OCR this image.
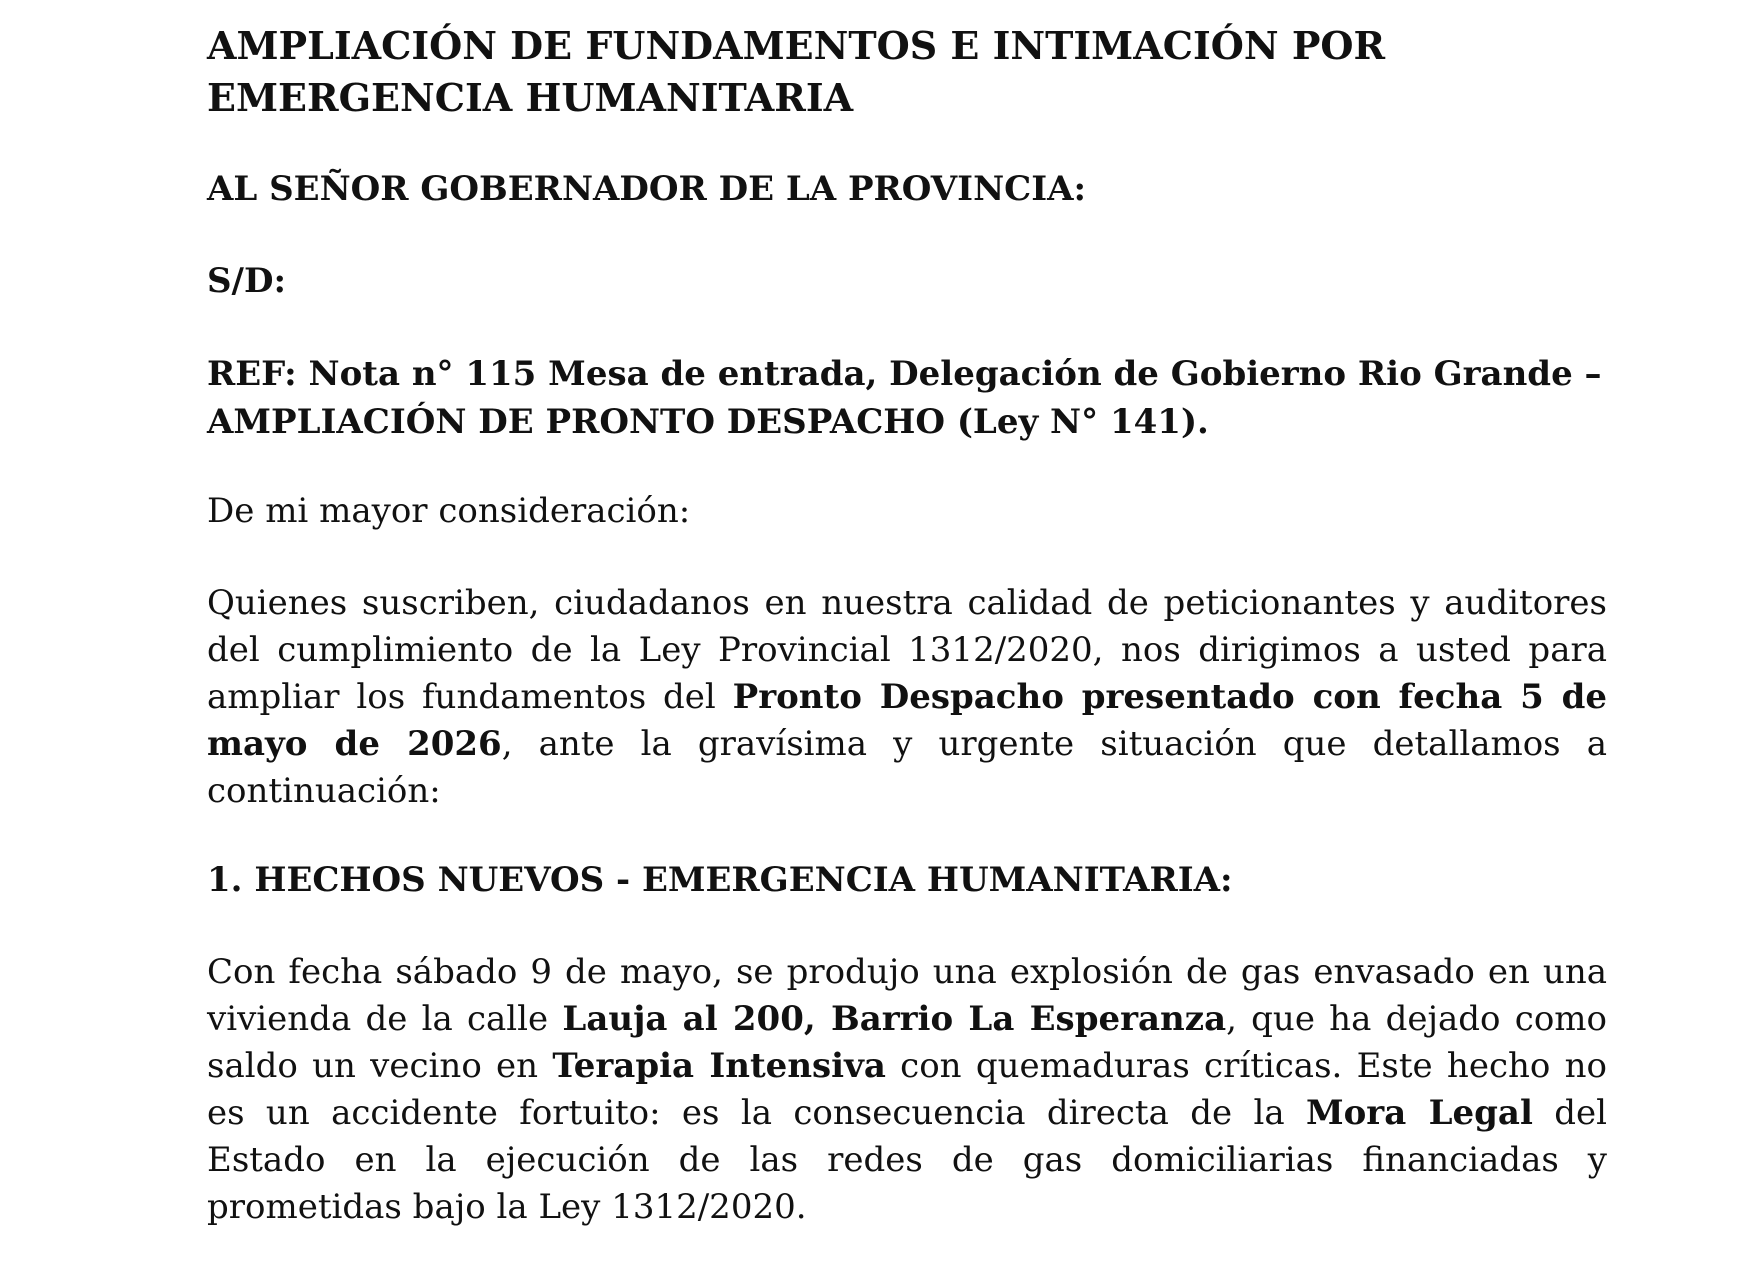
AMPLIACIÓN DE FUNDAMENTOS E INTIMACIÓN POR EMERGENCIA HUMANITARIA
AL SEÑOR GOBERNADOR DE LA PROVINCIA:
S/D:
REF: Nota n° 115 Mesa de entrada, Delegación de Gobierno Rio Grande – AMPLIACIÓN DE PRONTO DESPACHO (Ley N° 141).
De mi mayor consideración:

Quienes suscriben, ciudadanos en nuestra calidad de peticionantes y auditores del cumplimiento de la Ley Provincial 1312/2020, nos dirigimos a usted para ampliar los fundamentos del Pronto Despacho presentado con fecha 5 de mayo de 2026, ante la gravísima y urgente situación que detallamos a continuación:

1. HECHOS NUEVOS - EMERGENCIA HUMANITARIA:

Con fecha sábado 9 de mayo, se produjo una explosión de gas envasado en una vivienda de la calle Lauja al 200, Barrio La Esperanza, que ha dejado como saldo un vecino en Terapia Intensiva con quemaduras críticas. Este hecho no es un accidente fortuito: es la consecuencia directa de la Mora Legal del Estado en la ejecución de las redes de gas domiciliarias financiadas y prometidas bajo la Ley 1312/2020.
